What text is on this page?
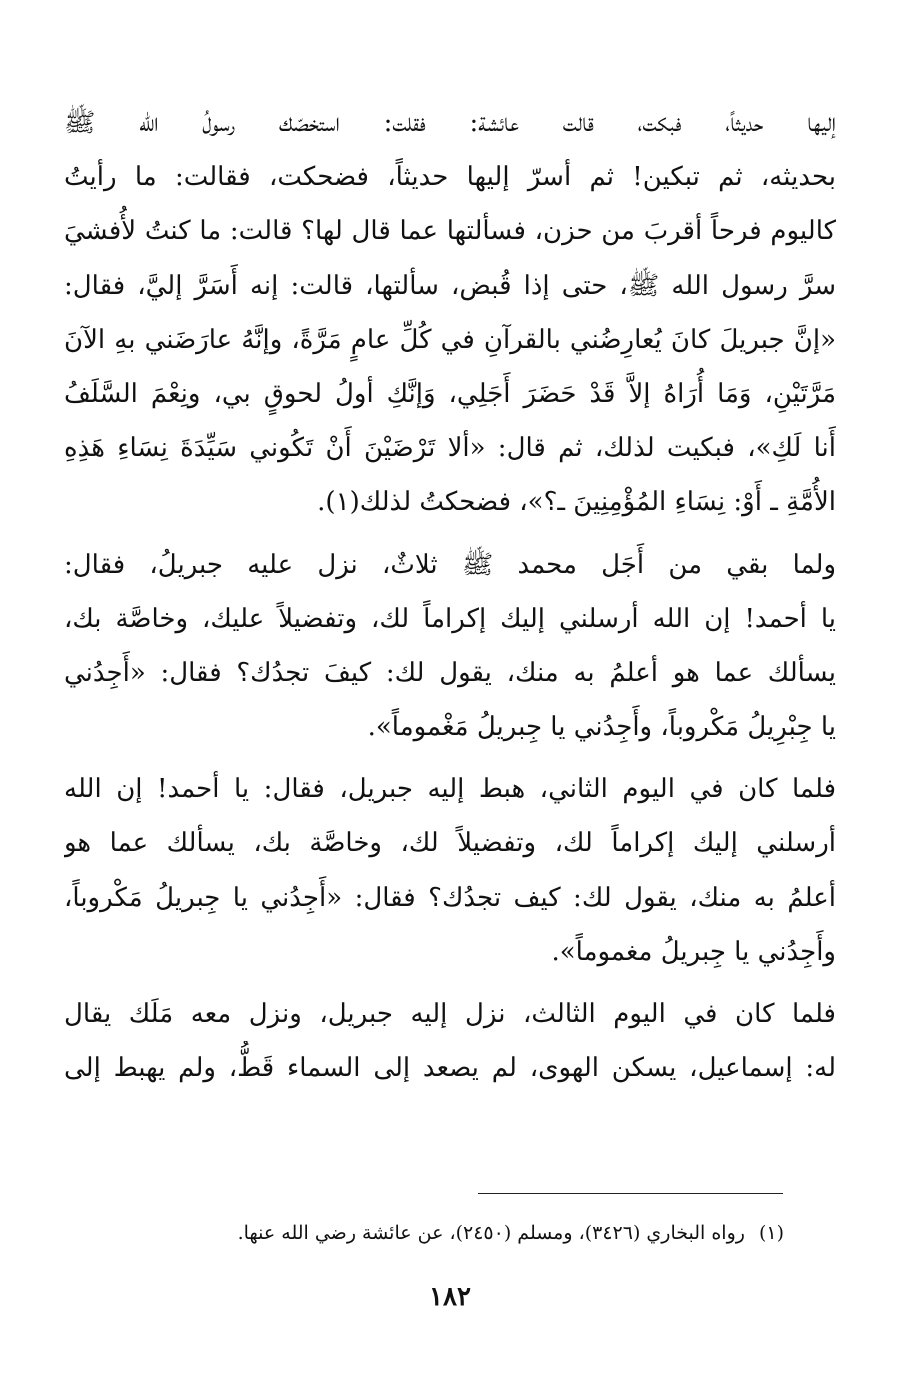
إليها حديثاً، فبكت، قالت عائشة: فقلت: استخصّك رسولُ الله ﷺ
بحديثه، ثم تبكين! ثم أسرّ إليها حديثاً، فضحكت، فقالت: ما رأيتُ
كاليوم فرحاً أقربَ من حزن، فسألتها عما قال لها؟ قالت: ما كنتُ لأُفشيَ
سرَّ رسول الله ﷺ، حتى إذا قُبض، سألتها، قالت: إنه أَسَرَّ إليَّ، فقال:
«إنَّ جبريلَ كانَ يُعارِضُني بالقرآنِ في كُلِّ عامٍ مَرَّةً، وإنَّهُ عارَضَني بهِ الآنَ
مَرَّتَيْنِ، وَمَا أُرَاهُ إلاَّ قَدْ حَضَرَ أَجَلِي، وَإنَّكِ أولُ لحوقٍ بي، ونِعْمَ السَّلَفُ
أَنا لَكِ»، فبكيت لذلك، ثم قال: «ألا تَرْضَيْنَ أَنْ تَكُوني سَيِّدَةَ نِسَاءِ هَذِهِ
الأُمَّةِ ـ أَوْ: نِسَاءِ المُؤْمِنِينَ ـ؟»، فضحكتُ لذلك(١).
ولما بقي من أَجَل محمد ﷺ ثلاثٌ، نزل عليه جبريلُ، فقال:
يا أحمد! إن الله أرسلني إليك إكراماً لك، وتفضيلاً عليك، وخاصَّة بك،
يسألك عما هو أعلمُ به منك، يقول لك: كيفَ تجدُك؟ فقال: «أَجِدُني
يا جِبْرِيلُ مَكْروباً، وأَجِدُني يا جِبريلُ مَغْموماً».
فلما كان في اليوم الثاني، هبط إليه جبريل، فقال: يا أحمد! إن الله
أرسلني إليك إكراماً لك، وتفضيلاً لك، وخاصَّة بك، يسألك عما هو
أعلمُ به منك، يقول لك: كيف تجدُك؟ فقال: «أَجِدُني يا جِبريلُ مَكْروباً،
وأَجِدُني يا جِبريلُ مغموماً».
فلما كان في اليوم الثالث، نزل إليه جبريل، ونزل معه مَلَك يقال
له: إسماعيل، يسكن الهوى، لم يصعد إلى السماء قَطُّ، ولم يهبط إلى
(١)رواه البخاري (٣٤٢٦)، ومسلم (٢٤٥٠)، عن عائشة رضي الله عنها.
١٨٢
